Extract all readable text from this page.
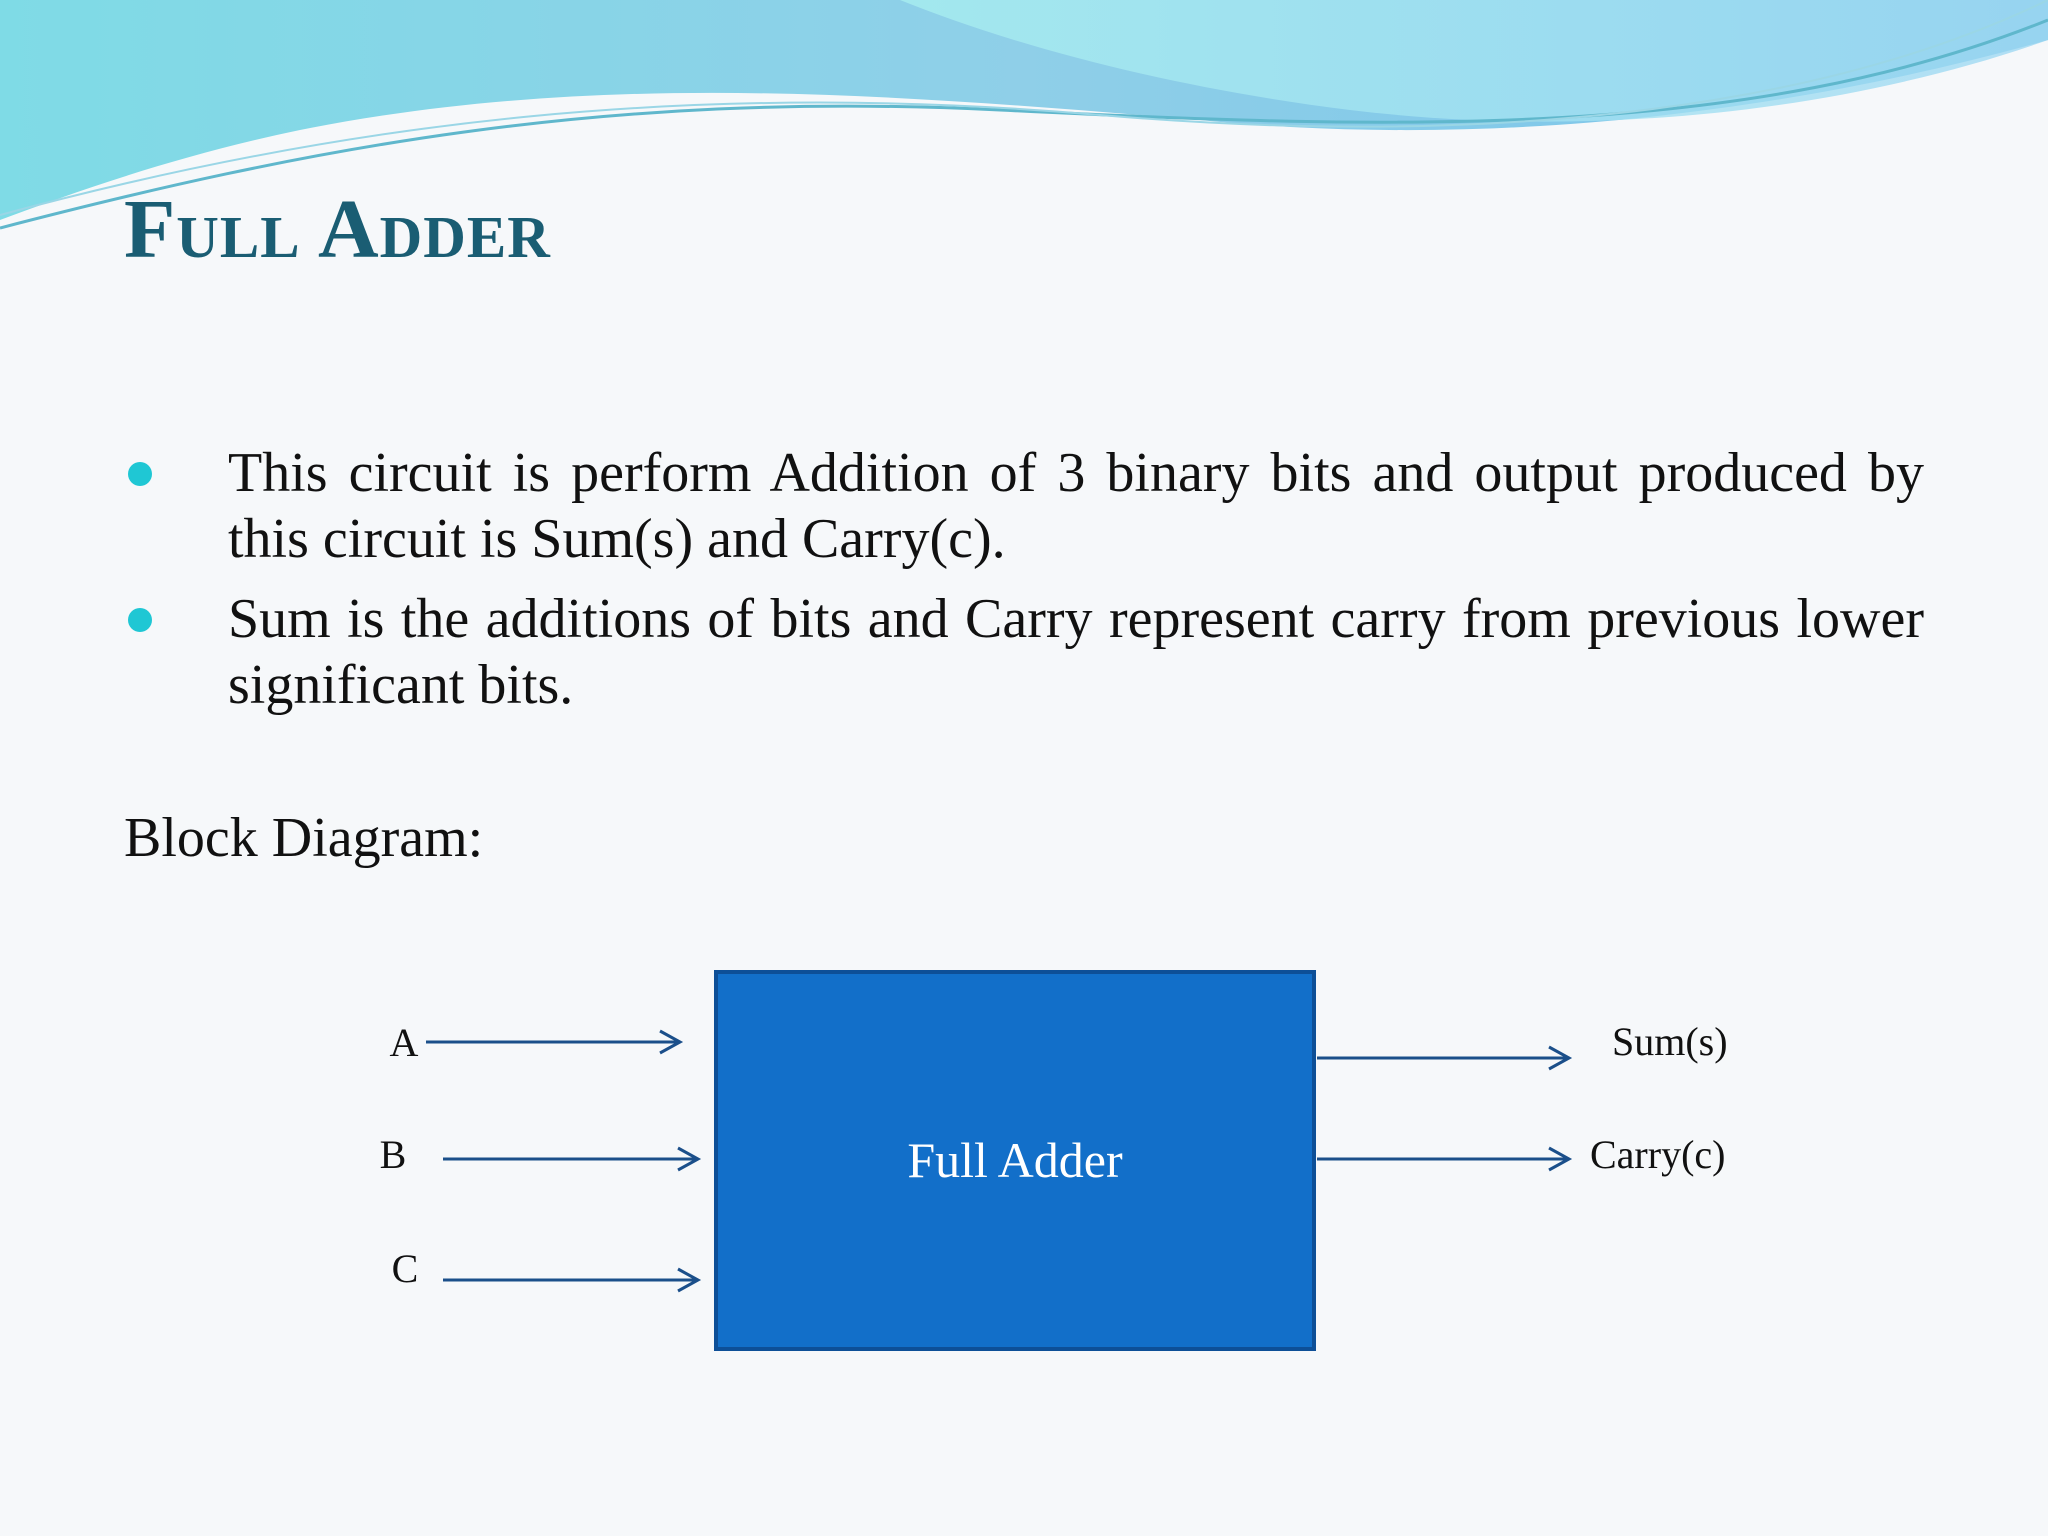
Full Adder
This circuit is perform Addition of 3 binary bits and output produced by this circuit is Sum(s) and Carry(c).
Sum is the additions of bits and Carry represent carry from previous lower significant bits.

Block Diagram:

Full Adder
A
B
C
Sum(s)
Carry(c)
